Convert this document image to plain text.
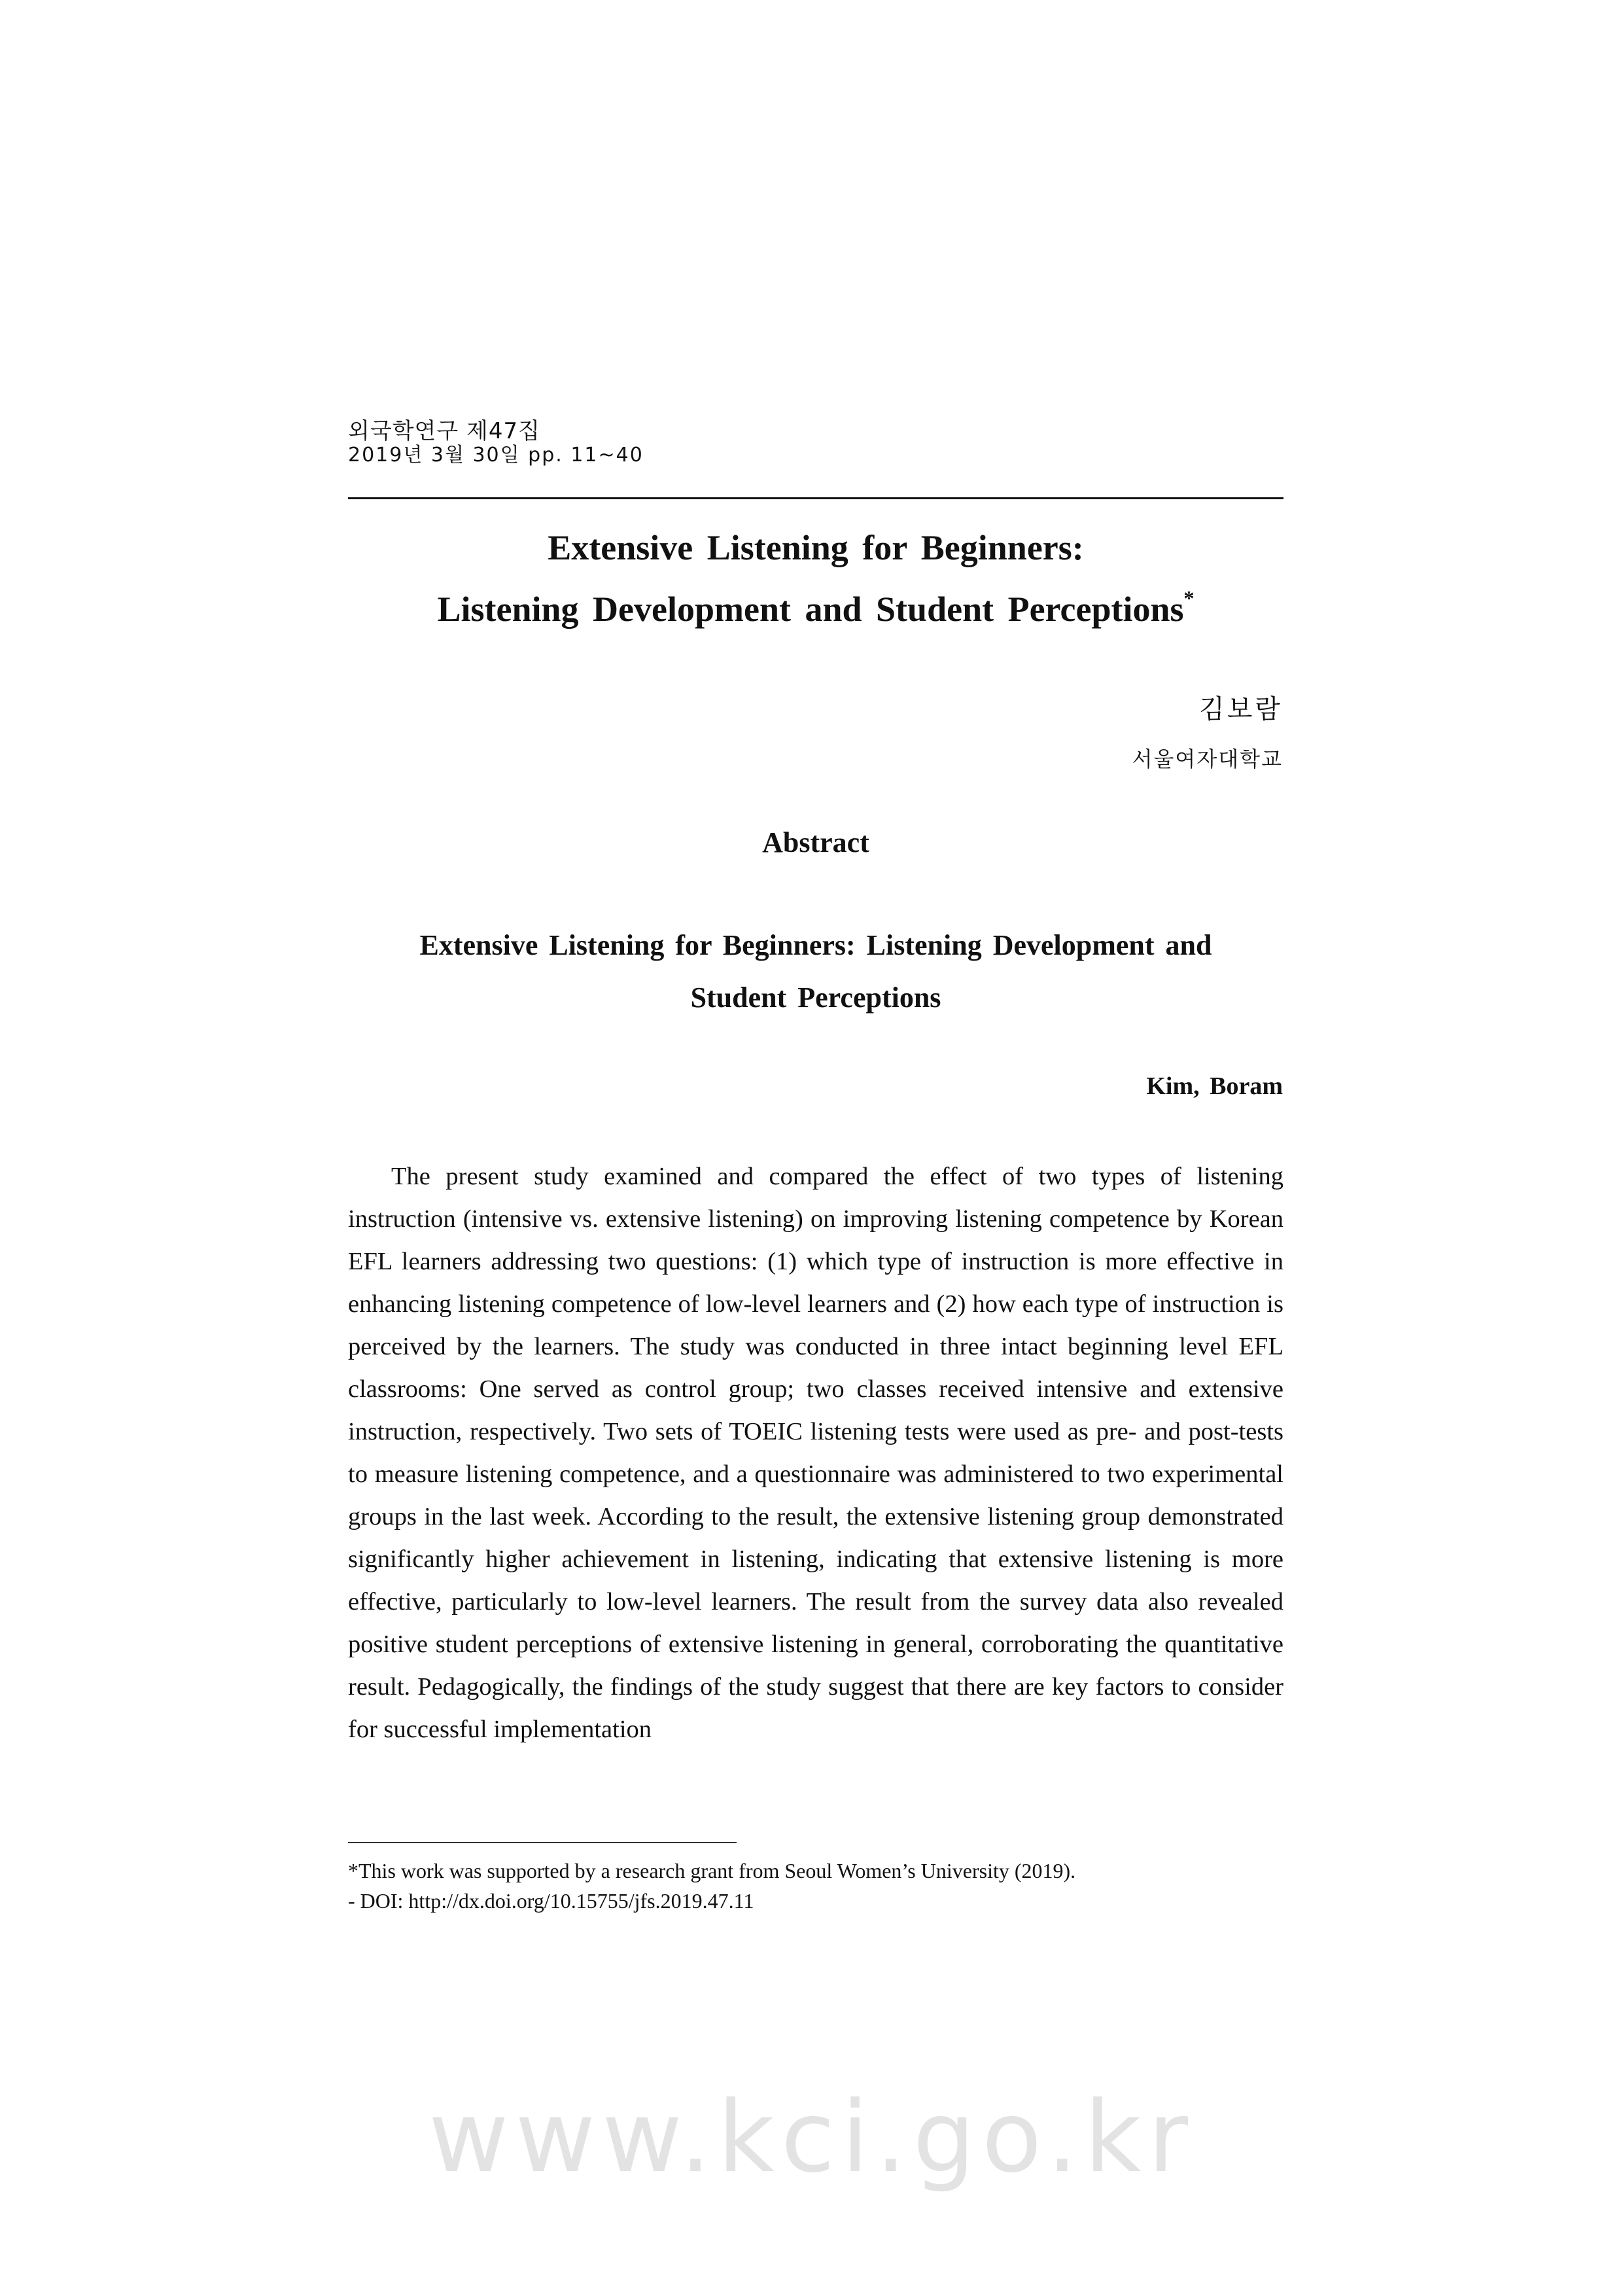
외국학연구 제47집
2019년 3월 30일 pp. 11~40
Extensive Listening for Beginners:
Listening Development and Student Perceptions*
김보람
서울여자대학교
Abstract
Extensive Listening for Beginners: Listening Development and
Student Perceptions
Kim, Boram

The present study examined and compared the effect of two types of listening instruction (intensive vs. extensive listening) on improving listening competence by Korean EFL learners addressing two questions: (1) which type of instruction is more effective in enhancing listening competence of low-level learners and (2) how each type of instruction is perceived by the learners. The study was conducted in three intact beginning level EFL classrooms: One served as control group; two classes received intensive and extensive instruction, respectively. Two sets of TOEIC listening tests were used as pre- and post-tests to measure listening competence, and a questionnaire was administered to two experimental groups in the last week. According to the result, the extensive listening group demonstrated significantly higher achievement in listening, indicating that extensive listening is more effective, particularly to low-level learners. The result from the survey data also revealed positive student perceptions of extensive listening in general, corroborating the quantitative result. Pedagogically, the findings of the study suggest that there are key factors to consider for successful implementation

*This work was supported by a research grant from Seoul Women’s University (2019).
- DOI: http://dx.doi.org/10.15755/jfs.2019.47.11
www.kci.go.kr
